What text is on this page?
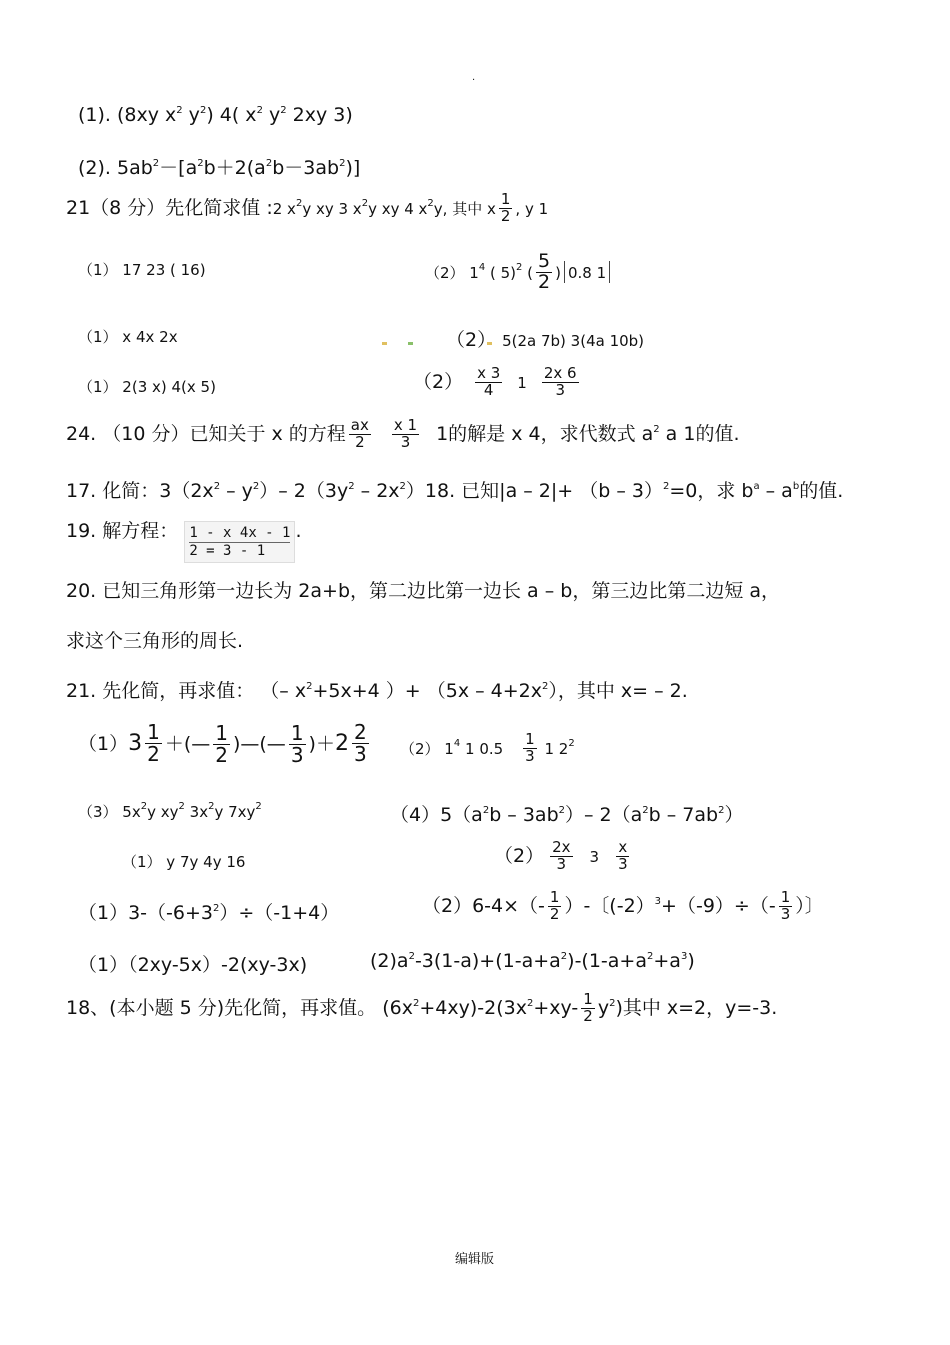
.
(1). (8xy $x^2$ $y^2$) 4( $x^2$ $y^2$ 2xy 3)
(2). $5ab^2-[a^2b+2(a^2b-3ab^2)]$
21（8 分）先化简求值 :2 $x^2y$ xy 3 $x^2y$ xy 4 $x^2y$, 其中 x $\frac{1}{2}$ , y 1
（1） 17 23 ( 16)	（2） $1^4$ ( 5)$^2$ ( $\frac{5}{2}$ ) 0.8 1
（1） x 4x 2x	（2） 5(2a 7b) 3(4a 10b)
（1） 2(3 x) 4(x 5)	$(2) \frac{x 3}{4} 1 \frac{2x 6}{3}$
24. （10 分）已知关于 x 的方程 $\frac{ax}{2} \frac{x 1}{3} 1$的解是 x 4，求代数式 $a^2$ a 1的值.
17. 化简：$3(2x^2 - y^2)-$ $2(3y^2 - 2x^2)18$. 已知|a – 2|+ （b – 3）$^2$=0，求 $b^a - a^b$的值.
19. 解方程： 1 - x 4x - 1
2 = 3 - 1
.
20. 已知三角形第一边长为 2a+b，第二边比第一边长 a – b，第三边比第二边短 a，
求这个三角形的周长.
21. 先化简，再求值： （– $x^2+5x+4$ ）+ $(5x - 4+2x^2)$，其中 x= – 2.
（1） $3 \frac{1}{2}$ ＋(— $\frac{1}{2}$ )—(— $\frac{1}{3}$ )＋ $2 \frac{2}{3} (2)$ $1^4$ 1 $0.5 \frac{1}{3} 1$ $2^2$
（3） $5x^2y$ $xy^2$ $3x^2y$ $7xy^2$	$(4)5(a^2b - 3ab^2)-$ $2(a^2b - 7ab^2)$
（1） y 7y 4y 16	$(2) \frac{2x}{3} 3 \frac{x}{3}$
$(1)3-(-6+3^2)\div(-1+4)$	$(2)6-4\times(- \frac{1}{2}$ ）-〔$(-2)^3+(-9)\div(- \frac{1}{3}$ ）〕
（1）（2xy-5x）-2(xy-3x)	$(2)a^2-3(1-a)+(1-a+a^2)-(1-a+a^2+a^3)$
18、(本小题 5 分)先化简，再求值。 $(6x^2+4xy)-2(3x^2+xy- \frac{1}{2} y^2)$其中 x=2，y=-3.
编辑版
